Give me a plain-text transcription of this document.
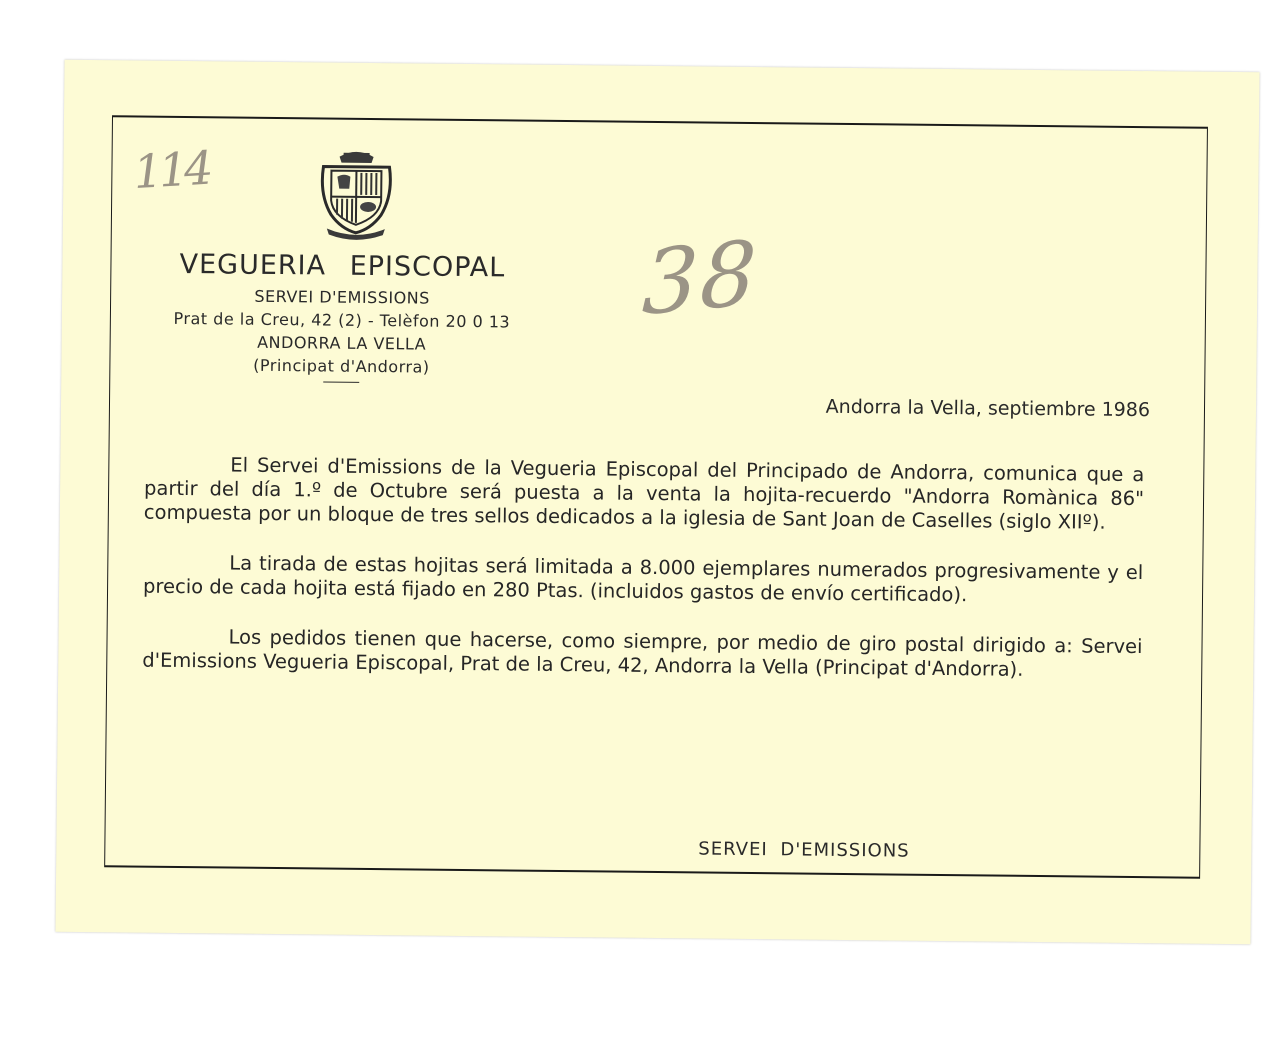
114
38
VEGUERIA EPISCOPAL
SERVEI D'EMISSIONS
Prat de la Creu, 42 (2) - Telèfon 20 0 13
ANDORRA LA VELLA
(Principat d'Andorra)
Andorra la Vella, septiembre 1986

El Servei d'Emissions de la Vegueria Episcopal del Principado de Andorra, comunica que a partir del día 1.º de Octubre será puesta a la venta la hojita-recuerdo "Andorra Romànica 86" compuesta por un bloque de tres sellos dedicados a la iglesia de Sant Joan de Caselles (siglo XIIº).

La tirada de estas hojitas será limitada a 8.000 ejemplares numerados progresivamente y el precio de cada hojita está fijado en 280 Ptas. (incluidos gastos de envío certificado).

Los pedidos tienen que hacerse, como siempre, por medio de giro postal dirigido a: Servei d'Emissions Vegueria Episcopal, Prat de la Creu, 42, Andorra la Vella (Principat d'Andorra).

SERVEI D'EMISSIONS
